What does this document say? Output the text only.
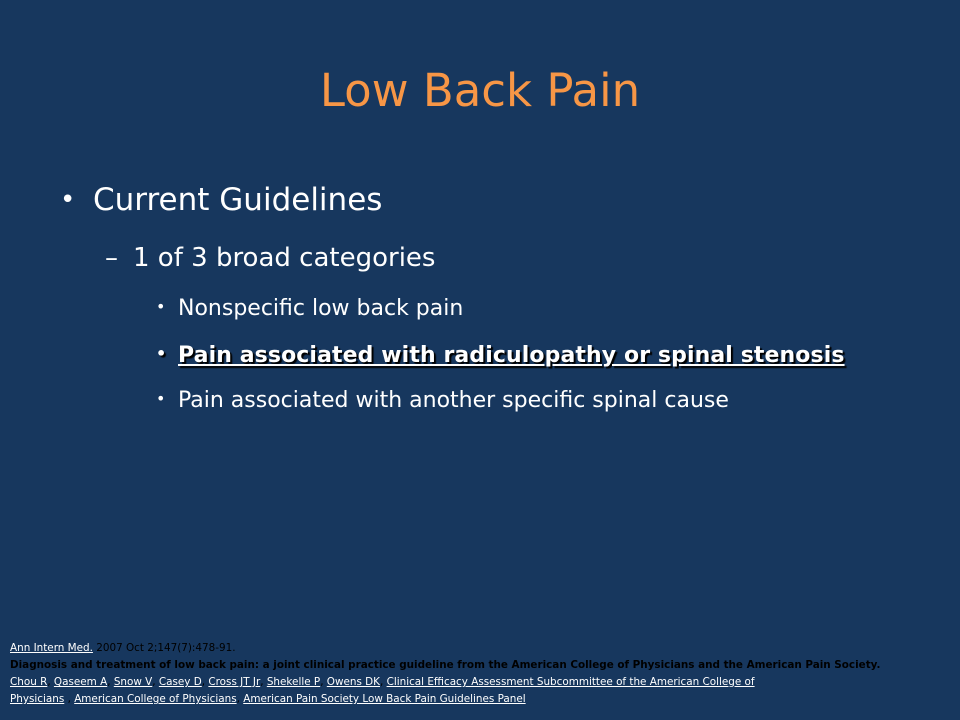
Low Back Pain
• Current Guidelines
– 1 of 3 broad categories
• Nonspecific low back pain
• Pain associated with radiculopathy or spinal stenosis
• Pain associated with another specific spinal cause
Ann Intern Med. 2007 Oct 2;147(7):478-91.
Diagnosis and treatment of low back pain: a joint clinical practice guideline from the American College of Physicians and the American Pain Society.
Chou R, Qaseem A, Snow V, Casey D, Cross JT Jr, Shekelle P, Owens DK, Clinical Efficacy Assessment Subcommittee of the American College of
Physicians , American College of Physicians, American Pain Society Low Back Pain Guidelines Panel
